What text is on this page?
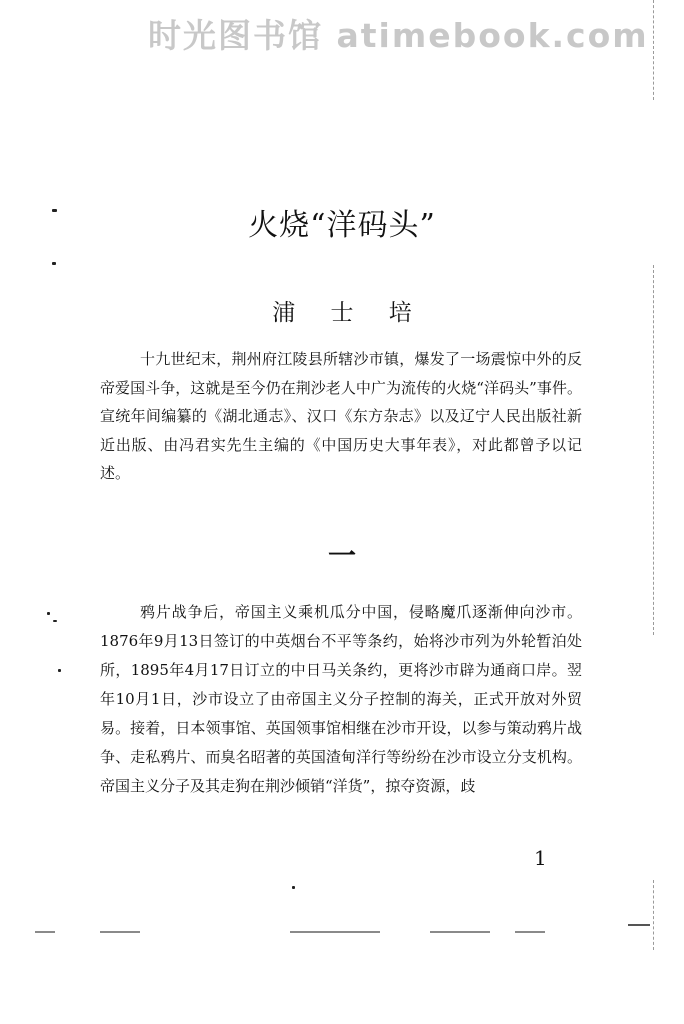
时光图书馆 atimebook.com
火烧“洋码头”
浦 士 培

十九世纪末，荆州府江陵县所辖沙市镇，爆发了一场震惊中外的反帝爱国斗争，这就是至今仍在荆沙老人中广为流传的火烧“洋码头”事件。宣统年间编纂的《湖北通志》、汉口《东方杂志》以及辽宁人民出版社新近出版、由冯君实先生主编的《中国历史大事年表》，对此都曾予以记述。

一

鸦片战争后，帝国主义乘机瓜分中国，侵略魔爪逐渐伸向沙市。1876年9月13日签订的中英烟台不平等条约，始将沙市列为外轮暂泊处所，1895年4月17日订立的中日马关条约，更将沙市辟为通商口岸。翌年10月1日，沙市设立了由帝国主义分子控制的海关，正式开放对外贸易。接着，日本领事馆、英国领事馆相继在沙市开设，以参与策动鸦片战争、走私鸦片、而臭名昭著的英国渣甸洋行等纷纷在沙市设立分支机构。帝国主义分子及其走狗在荆沙倾销“洋货”，掠夺资源，歧

1
